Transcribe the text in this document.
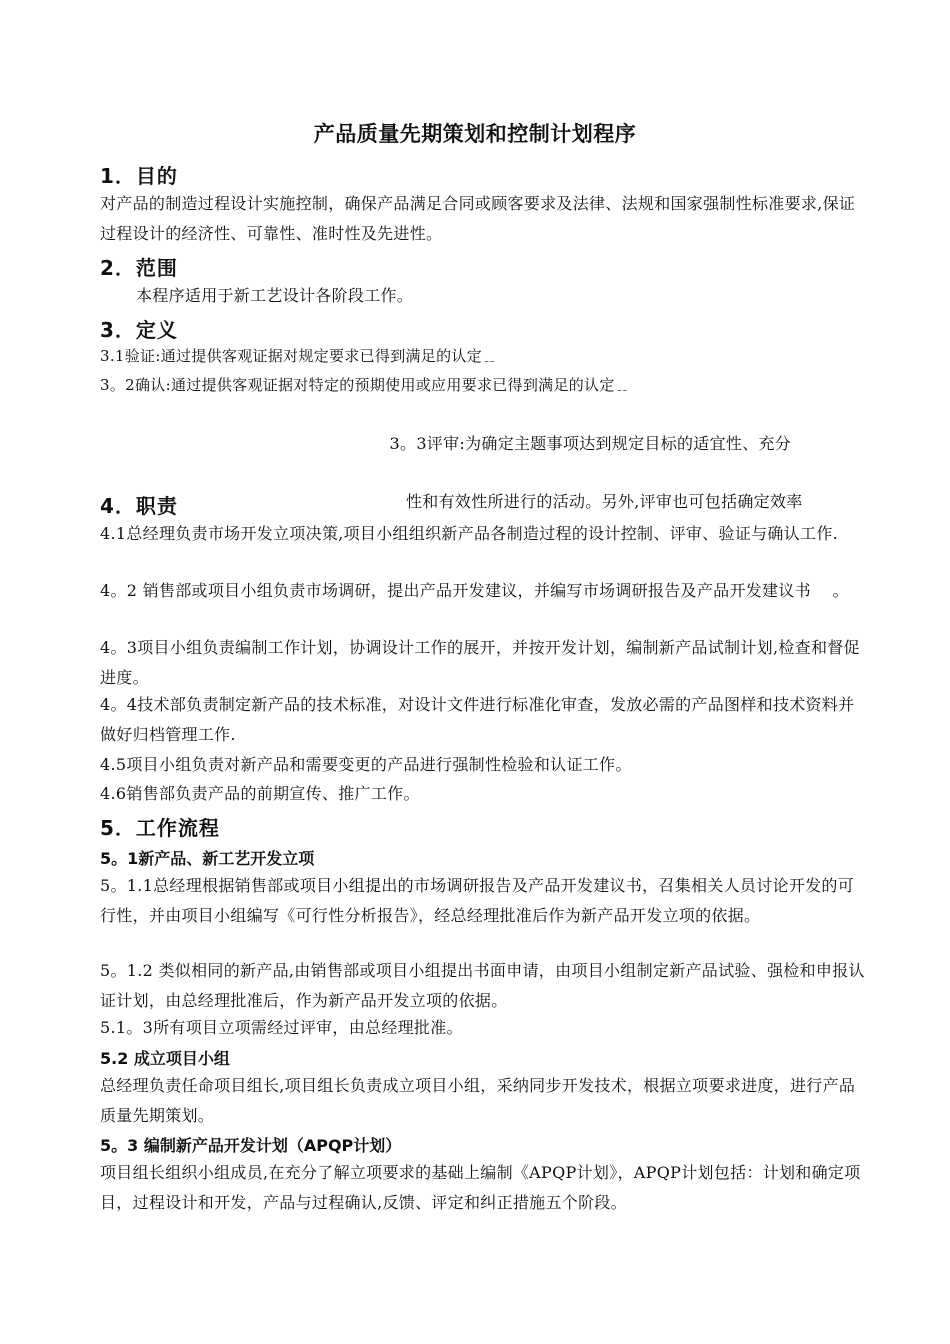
产品质量先期策划和控制计划程序
1．目的
对产品的制造过程设计实施控制，确保产品满足合同或顾客要求及法律、法规和国家强制性标准要求,保证过程设计的经济性、可靠性、准时性及先进性。
2．范围
本程序适用于新工艺设计各阶段工作。
3．定义
3.1验证:通过提供客观证据对规定要求已得到满足的认定﹎
3。2确认:通过提供客观证据对特定的预期使用或应用要求已得到满足的认定﹎

3。3评审:为确定主题事项达到规定目标的适宜性、充分

性和有效性所进行的活动。另外,评审也可包括确定效率

4．职责
4.1总经理负责市场开发立项决策,项目小组组织新产品各制造过程的设计控制、评审、验证与确认工作.
4。2 销售部或项目小组负责市场调研，提出产品开发建议，并编写市场调研报告及产品开发建议书 　。
4。3项目小组负责编制工作计划，协调设计工作的展开，并按开发计划，编制新产品试制计划,检查和督促进度。
4。4技术部负责制定新产品的技术标准，对设计文件进行标准化审查，发放必需的产品图样和技术资料并做好归档管理工作.
4.5项目小组负责对新产品和需要变更的产品进行强制性检验和认证工作。
4.6销售部负责产品的前期宣传、推广工作。
5．工作流程
5。1新产品、新工艺开发立项
5。1.1总经理根据销售部或项目小组提出的市场调研报告及产品开发建议书，召集相关人员讨论开发的可行性，并由项目小组编写《可行性分析报告》，经总经理批准后作为新产品开发立项的依据。
5。1.2 类似相同的新产品,由销售部或项目小组提出书面申请，由项目小组制定新产品试验、强检和申报认证计划，由总经理批准后，作为新产品开发立项的依据。
5.1。3所有项目立项需经过评审，由总经理批准。
5.2 成立项目小组
总经理负责任命项目组长,项目组长负责成立项目小组，采纳同步开发技术，根据立项要求进度，进行产品质量先期策划。
5。3 编制新产品开发计划（APQP计划）
项目组长组织小组成员,在充分了解立项要求的基础上编制《APQP计划》，APQP计划包括：计划和确定项目，过程设计和开发，产品与过程确认,反馈、评定和纠正措施五个阶段。
